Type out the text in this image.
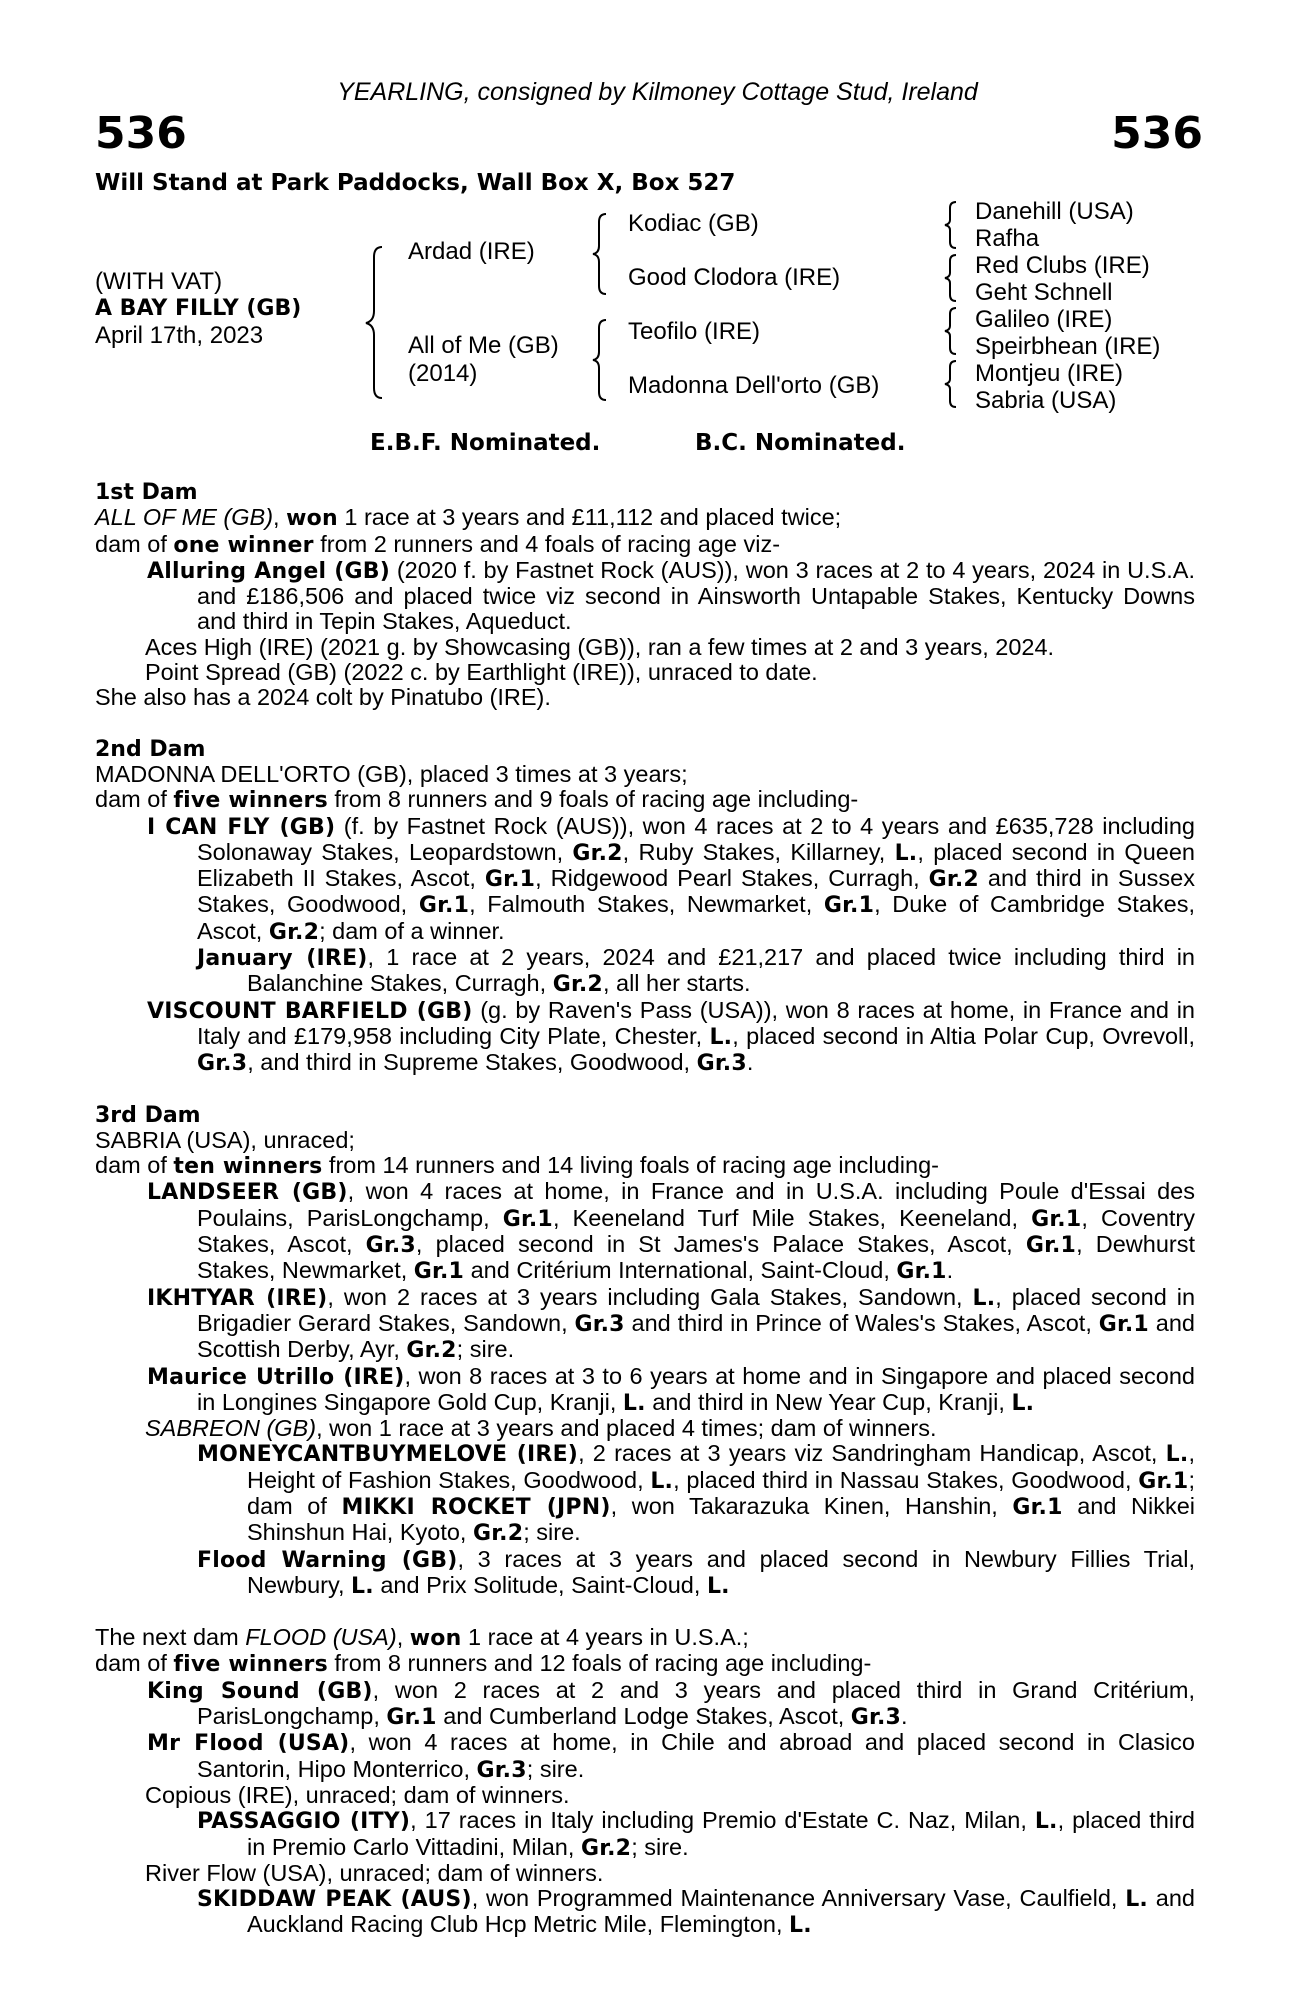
YEARLING, consigned by Kilmoney Cottage Stud, Ireland
536	536
Will Stand at Park Paddocks, Wall Box X, Box 527
(WITH VAT)
A BAY FILLY (GB)
April 17th, 2023
Ardad (IRE)
All of Me (GB)
(2014)
Kodiac (GB)
Good Clodora (IRE)
Teofilo (IRE)
Madonna Dell'orto (GB)
Danehill (USA)
Rafha
Red Clubs (IRE)
Geht Schnell
Galileo (IRE)
Speirbhean (IRE)
Montjeu (IRE)
Sabria (USA)
E.B.F. Nominated.	B.C. Nominated.

1st Dam

ALL OF ME (GB), won 1 race at 3 years and £11,112 and placed twice;

dam of one winner from 2 runners and 4 foals of racing age viz-

Alluring Angel (GB) (2020 f. by Fastnet Rock (AUS)), won 3 races at 2 to 4 years, 2024 in U.S.A. and £186,506 and placed twice viz second in Ainsworth Untapable Stakes, Kentucky Downs and third in Tepin Stakes, Aqueduct.

Aces High (IRE) (2021 g. by Showcasing (GB)), ran a few times at 2 and 3 years, 2024.

Point Spread (GB) (2022 c. by Earthlight (IRE)), unraced to date.

She also has a 2024 colt by Pinatubo (IRE).

2nd Dam

MADONNA DELL'ORTO (GB), placed 3 times at 3 years;

dam of five winners from 8 runners and 9 foals of racing age including-

I CAN FLY (GB) (f. by Fastnet Rock (AUS)), won 4 races at 2 to 4 years and £635,728 including Solonaway Stakes, Leopardstown, Gr.2, Ruby Stakes, Killarney, L., placed second in Queen Elizabeth II Stakes, Ascot, Gr.1, Ridgewood Pearl Stakes, Curragh, Gr.2 and third in Sussex Stakes, Goodwood, Gr.1, Falmouth Stakes, Newmarket, Gr.1, Duke of Cambridge Stakes, Ascot, Gr.2; dam of a winner.

January (IRE), 1 race at 2 years, 2024 and £21,217 and placed twice including third in Balanchine Stakes, Curragh, Gr.2, all her starts.

VISCOUNT BARFIELD (GB) (g. by Raven's Pass (USA)), won 8 races at home, in France and in Italy and £179,958 including City Plate, Chester, L., placed second in Altia Polar Cup, Ovrevoll, Gr.3, and third in Supreme Stakes, Goodwood, Gr.3.

3rd Dam

SABRIA (USA), unraced;

dam of ten winners from 14 runners and 14 living foals of racing age including-

LANDSEER (GB), won 4 races at home, in France and in U.S.A. including Poule d'Essai des Poulains, ParisLongchamp, Gr.1, Keeneland Turf Mile Stakes, Keeneland, Gr.1, Coventry Stakes, Ascot, Gr.3, placed second in St James's Palace Stakes, Ascot, Gr.1, Dewhurst Stakes, Newmarket, Gr.1 and Critérium International, Saint-Cloud, Gr.1.

IKHTYAR (IRE), won 2 races at 3 years including Gala Stakes, Sandown, L., placed second in Brigadier Gerard Stakes, Sandown, Gr.3 and third in Prince of Wales's Stakes, Ascot, Gr.1 and Scottish Derby, Ayr, Gr.2; sire.

Maurice Utrillo (IRE), won 8 races at 3 to 6 years at home and in Singapore and placed second in Longines Singapore Gold Cup, Kranji, L. and third in New Year Cup, Kranji, L.

SABREON (GB), won 1 race at 3 years and placed 4 times; dam of winners.

MONEYCANTBUYMELOVE (IRE), 2 races at 3 years viz Sandringham Handicap, Ascot, L., Height of Fashion Stakes, Goodwood, L., placed third in Nassau Stakes, Goodwood, Gr.1; dam of MIKKI ROCKET (JPN), won Takarazuka Kinen, Hanshin, Gr.1 and Nikkei Shinshun Hai, Kyoto, Gr.2; sire.

Flood Warning (GB), 3 races at 3 years and placed second in Newbury Fillies Trial, Newbury, L. and Prix Solitude, Saint-Cloud, L.

The next dam FLOOD (USA), won 1 race at 4 years in U.S.A.;

dam of five winners from 8 runners and 12 foals of racing age including-

King Sound (GB), won 2 races at 2 and 3 years and placed third in Grand Critérium, ParisLongchamp, Gr.1 and Cumberland Lodge Stakes, Ascot, Gr.3.

Mr Flood (USA), won 4 races at home, in Chile and abroad and placed second in Clasico Santorin, Hipo Monterrico, Gr.3; sire.

Copious (IRE), unraced; dam of winners.

PASSAGGIO (ITY), 17 races in Italy including Premio d'Estate C. Naz, Milan, L., placed third in Premio Carlo Vittadini, Milan, Gr.2; sire.

River Flow (USA), unraced; dam of winners.

SKIDDAW PEAK (AUS), won Programmed Maintenance Anniversary Vase, Caulfield, L. and Auckland Racing Club Hcp Metric Mile, Flemington, L.
